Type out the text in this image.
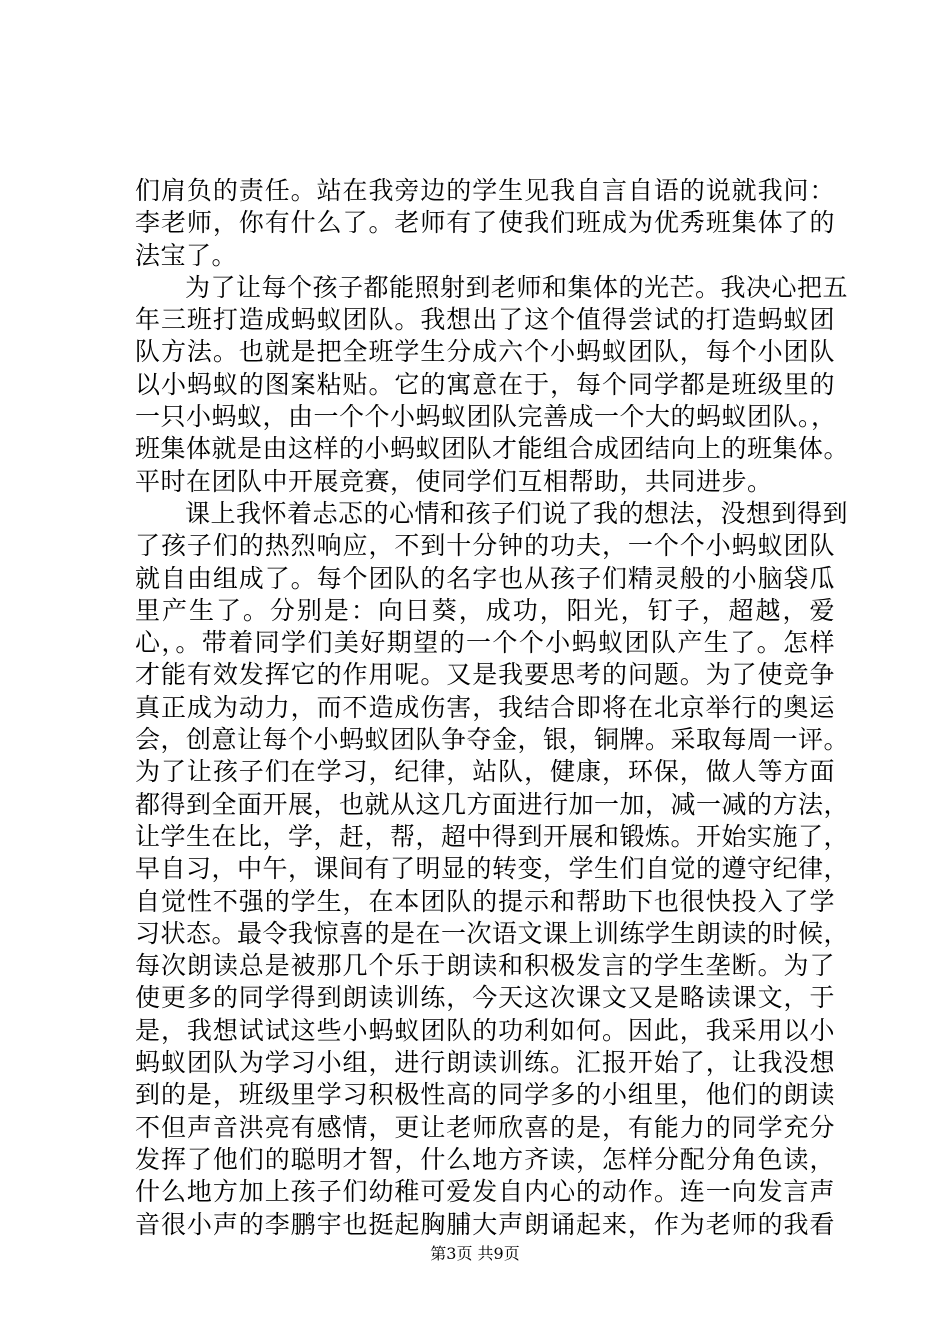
们肩负的责任。站在我旁边的学生见我自言自语的说就我问：
李老师，你有什么了。老师有了使我们班成为优秀班集体了的
法宝了。
为了让每个孩子都能照射到老师和集体的光芒。我决心把五
年三班打造成蚂蚁团队。我想出了这个值得尝试的打造蚂蚁团
队方法。也就是把全班学生分成六个小蚂蚁团队，每个小团队
以小蚂蚁的图案粘贴。它的寓意在于，每个同学都是班级里的
一只小蚂蚁，由一个个小蚂蚁团队完善成一个大的蚂蚁团队。，
班集体就是由这样的小蚂蚁团队才能组合成团结向上的班集体。
平时在团队中开展竞赛，使同学们互相帮助，共同进步。
课上我怀着忐忑的心情和孩子们说了我的想法，没想到得到
了孩子们的热烈响应，不到十分钟的功夫，一个个小蚂蚁团队
就自由组成了。每个团队的名字也从孩子们精灵般的小脑袋瓜
里产生了。分别是：向日葵，成功，阳光，钉子，超越，爱
心，。带着同学们美好期望的一个个小蚂蚁团队产生了。怎样
才能有效发挥它的作用呢。又是我要思考的问题。为了使竞争
真正成为动力，而不造成伤害，我结合即将在北京举行的奥运
会，创意让每个小蚂蚁团队争夺金，银，铜牌。采取每周一评。
为了让孩子们在学习，纪律，站队，健康，环保，做人等方面
都得到全面开展，也就从这几方面进行加一加，减一减的方法，
让学生在比，学，赶，帮，超中得到开展和锻炼。开始实施了，
早自习，中午，课间有了明显的转变，学生们自觉的遵守纪律，
自觉性不强的学生，在本团队的提示和帮助下也很快投入了学
习状态。最令我惊喜的是在一次语文课上训练学生朗读的时候，
每次朗读总是被那几个乐于朗读和积极发言的学生垄断。为了
使更多的同学得到朗读训练，今天这次课文又是略读课文，于
是，我想试试这些小蚂蚁团队的功利如何。因此，我采用以小
蚂蚁团队为学习小组，进行朗读训练。汇报开始了，让我没想
到的是，班级里学习积极性高的同学多的小组里，他们的朗读
不但声音洪亮有感情，更让老师欣喜的是，有能力的同学充分
发挥了他们的聪明才智，什么地方齐读，怎样分配分角色读，
什么地方加上孩子们幼稚可爱发自内心的动作。连一向发言声
音很小声的李鹏宇也挺起胸脯大声朗诵起来，作为老师的我看
第3页 共9页
